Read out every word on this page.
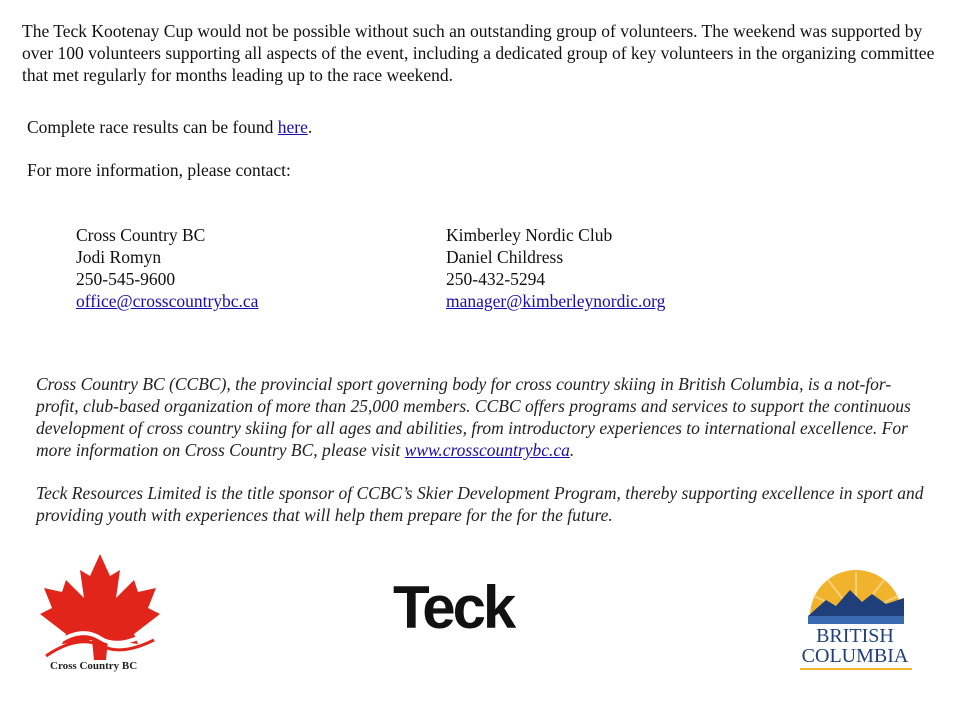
The Teck Kootenay Cup would not be possible without such an outstanding group of volunteers. The weekend was supported by over 100 volunteers supporting all aspects of the event, including a dedicated group of key volunteers in the organizing committee that met regularly for months leading up to the race weekend.

Complete race results can be found here.

For more information, please contact:

Cross Country BC
Jodi Romyn
250-545-9600
office@crosscountrybc.ca
Kimberley Nordic Club
Daniel Childress
250-432-5294
manager@kimberleynordic.org

Cross Country BC (CCBC), the provincial sport governing body for cross country skiing in British Columbia, is a not-for-profit, club-based organization of more than 25,000 members. CCBC offers programs and services to support the continuous development of cross country skiing for all ages and abilities, from introductory experiences to international excellence. For more information on Cross Country BC, please visit www.crosscountrybc.ca.

Teck Resources Limited is the title sponsor of CCBC’s Skier Development Program, thereby supporting excellence in sport and providing youth with experiences that will help them prepare for the for the future.

Cross Country BC
Teck	BRITISH
COLUMBIA
